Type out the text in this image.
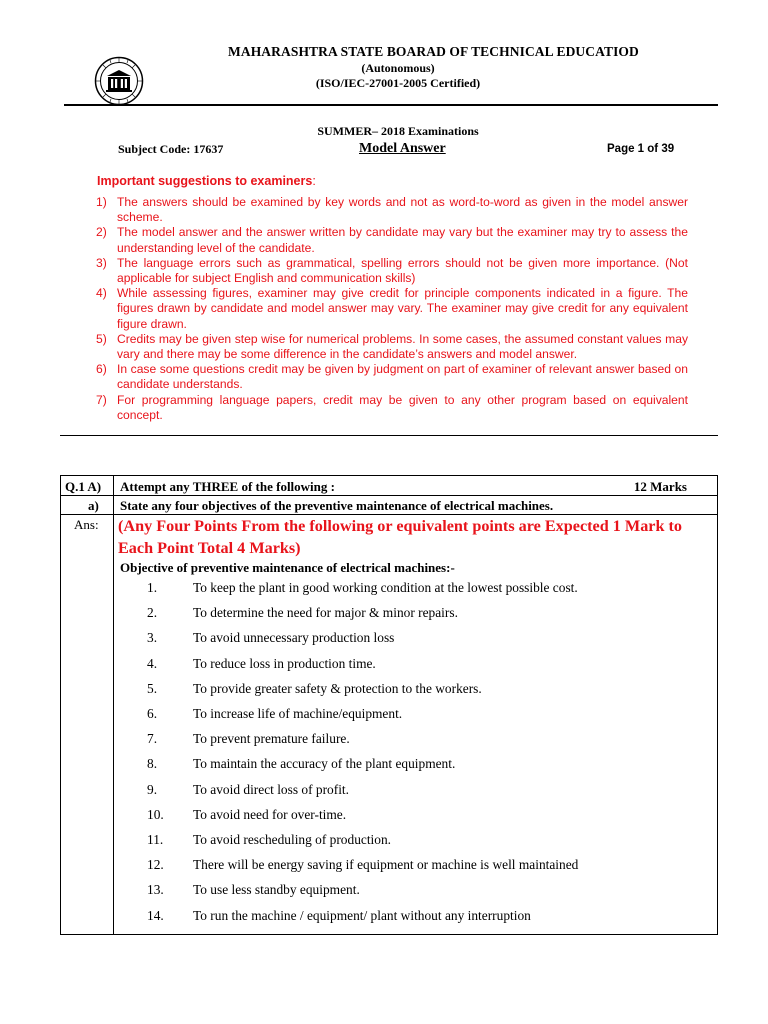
MAHARASHTRA STATE BOARAD OF TECHNICAL EDUCATIOD
(Autonomous)
(ISO/IEC-27001-2005 Certified)
SUMMER– 2018 Examinations
Subject Code: 17637	Model Answer	Page 1 of 39
Important suggestions to examiners:
1) The answers should be examined by key words and not as word-to-word as given in the model answer scheme.
2) The model answer and the answer written by candidate may vary but the examiner may try to assess the understanding level of the candidate.
3) The language errors such as grammatical, spelling errors should not be given more importance. (Not applicable for subject English and communication skills)
4) While assessing figures, examiner may give credit for principle components indicated in a figure. The figures drawn by candidate and model answer may vary. The examiner may give credit for any equivalent figure drawn.
5) Credits may be given step wise for numerical problems. In some cases, the assumed constant values may vary and there may be some difference in the candidate’s answers and model answer.
6) In case some questions credit may be given by judgment on part of examiner of relevant answer based on candidate understands.
7) For programming language papers, credit may be given to any other program based on equivalent concept.
Q.1 A) Attempt any THREE of the following :	12 Marks
a) State any four objectives of the preventive maintenance of electrical machines.
Ans: (Any Four Points From the following or equivalent points are Expected 1 Mark to Each Point Total 4 Marks)
Objective of preventive maintenance of electrical machines:-
1.	To keep the plant in good working condition at the lowest possible cost.
2.	To determine the need for major & minor repairs.
3.	To avoid unnecessary production loss
4.	To reduce loss in production time.
5.	To provide greater safety & protection to the workers.
6.	To increase life of machine/equipment.
7.	To prevent premature failure.
8.	To maintain the accuracy of the plant equipment.
9.	To avoid direct loss of profit.
10. To avoid need for over-time.
11. To avoid rescheduling of production.
12. There will be energy saving if equipment or machine is well maintained
13. To use less standby equipment.
14. To run the machine / equipment/ plant without any interruption
